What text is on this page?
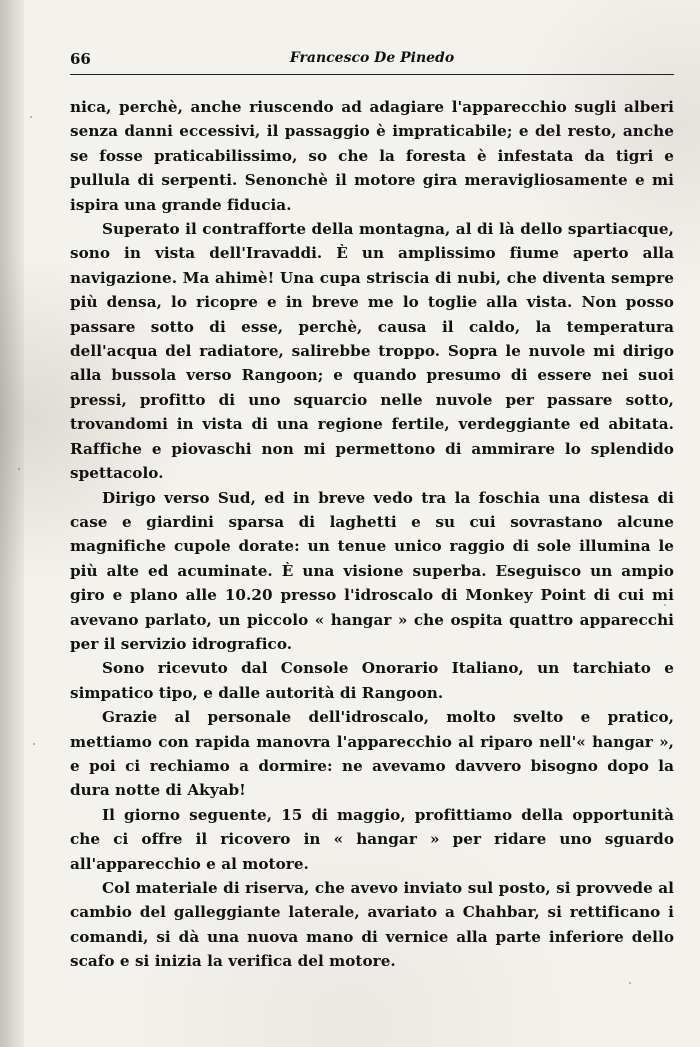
66	Francesco De Pinedo

nica, perchè, anche riuscendo ad adagiare l'apparecchio sugli alberi senza danni eccessivi, il passaggio è impraticabile; e del resto, anche se fosse praticabilissimo, so che la foresta è infestata da tigri e pullula di serpenti. Senonchè il motore gira meravigliosamente e mi ispira una grande fiducia.

Superato il contrafforte della montagna, al di là dello spartiacque, sono in vista dell'Iravaddi. È un amplissimo fiume aperto alla navigazione. Ma ahimè! Una cupa striscia di nubi, che diventa sempre più densa, lo ricopre e in breve me lo toglie alla vista. Non posso passare sotto di esse, perchè, causa il caldo, la temperatura dell'acqua del radiatore, salirebbe troppo. Sopra le nuvole mi dirigo alla bussola verso Rangoon; e quando presumo di essere nei suoi pressi, profitto di uno squarcio nelle nuvole per passare sotto, trovandomi in vista di una regione fertile, verdeggiante ed abitata. Raffiche e piovaschi non mi permettono di ammirare lo splendido spettacolo.

Dirigo verso Sud, ed in breve vedo tra la foschia una distesa di case e giardini sparsa di laghetti e su cui sovrastano alcune magnifiche cupole dorate: un tenue unico raggio di sole illumina le più alte ed acuminate. È una visione superba. Eseguisco un ampio giro e plano alle 10.20 presso l'idroscalo di Monkey Point di cui mi avevano parlato, un piccolo « hangar » che ospita quattro apparecchi per il servizio idrografico.

Sono ricevuto dal Console Onorario Italiano, un tarchiato e simpatico tipo, e dalle autorità di Rangoon.

Grazie al personale dell'idroscalo, molto svelto e pratico, mettiamo con rapida manovra l'apparecchio al riparo nell'« hangar », e poi ci rechiamo a dormire: ne avevamo davvero bisogno dopo la dura notte di Akyab!

Il giorno seguente, 15 di maggio, profittiamo della opportunità che ci offre il ricovero in « hangar » per ridare uno sguardo all'apparecchio e al motore.

Col materiale di riserva, che avevo inviato sul posto, si provvede al cambio del galleggiante laterale, avariato a Chahbar, si rettificano i comandi, si dà una nuova mano di vernice alla parte inferiore dello scafo e si inizia la verifica del motore.
